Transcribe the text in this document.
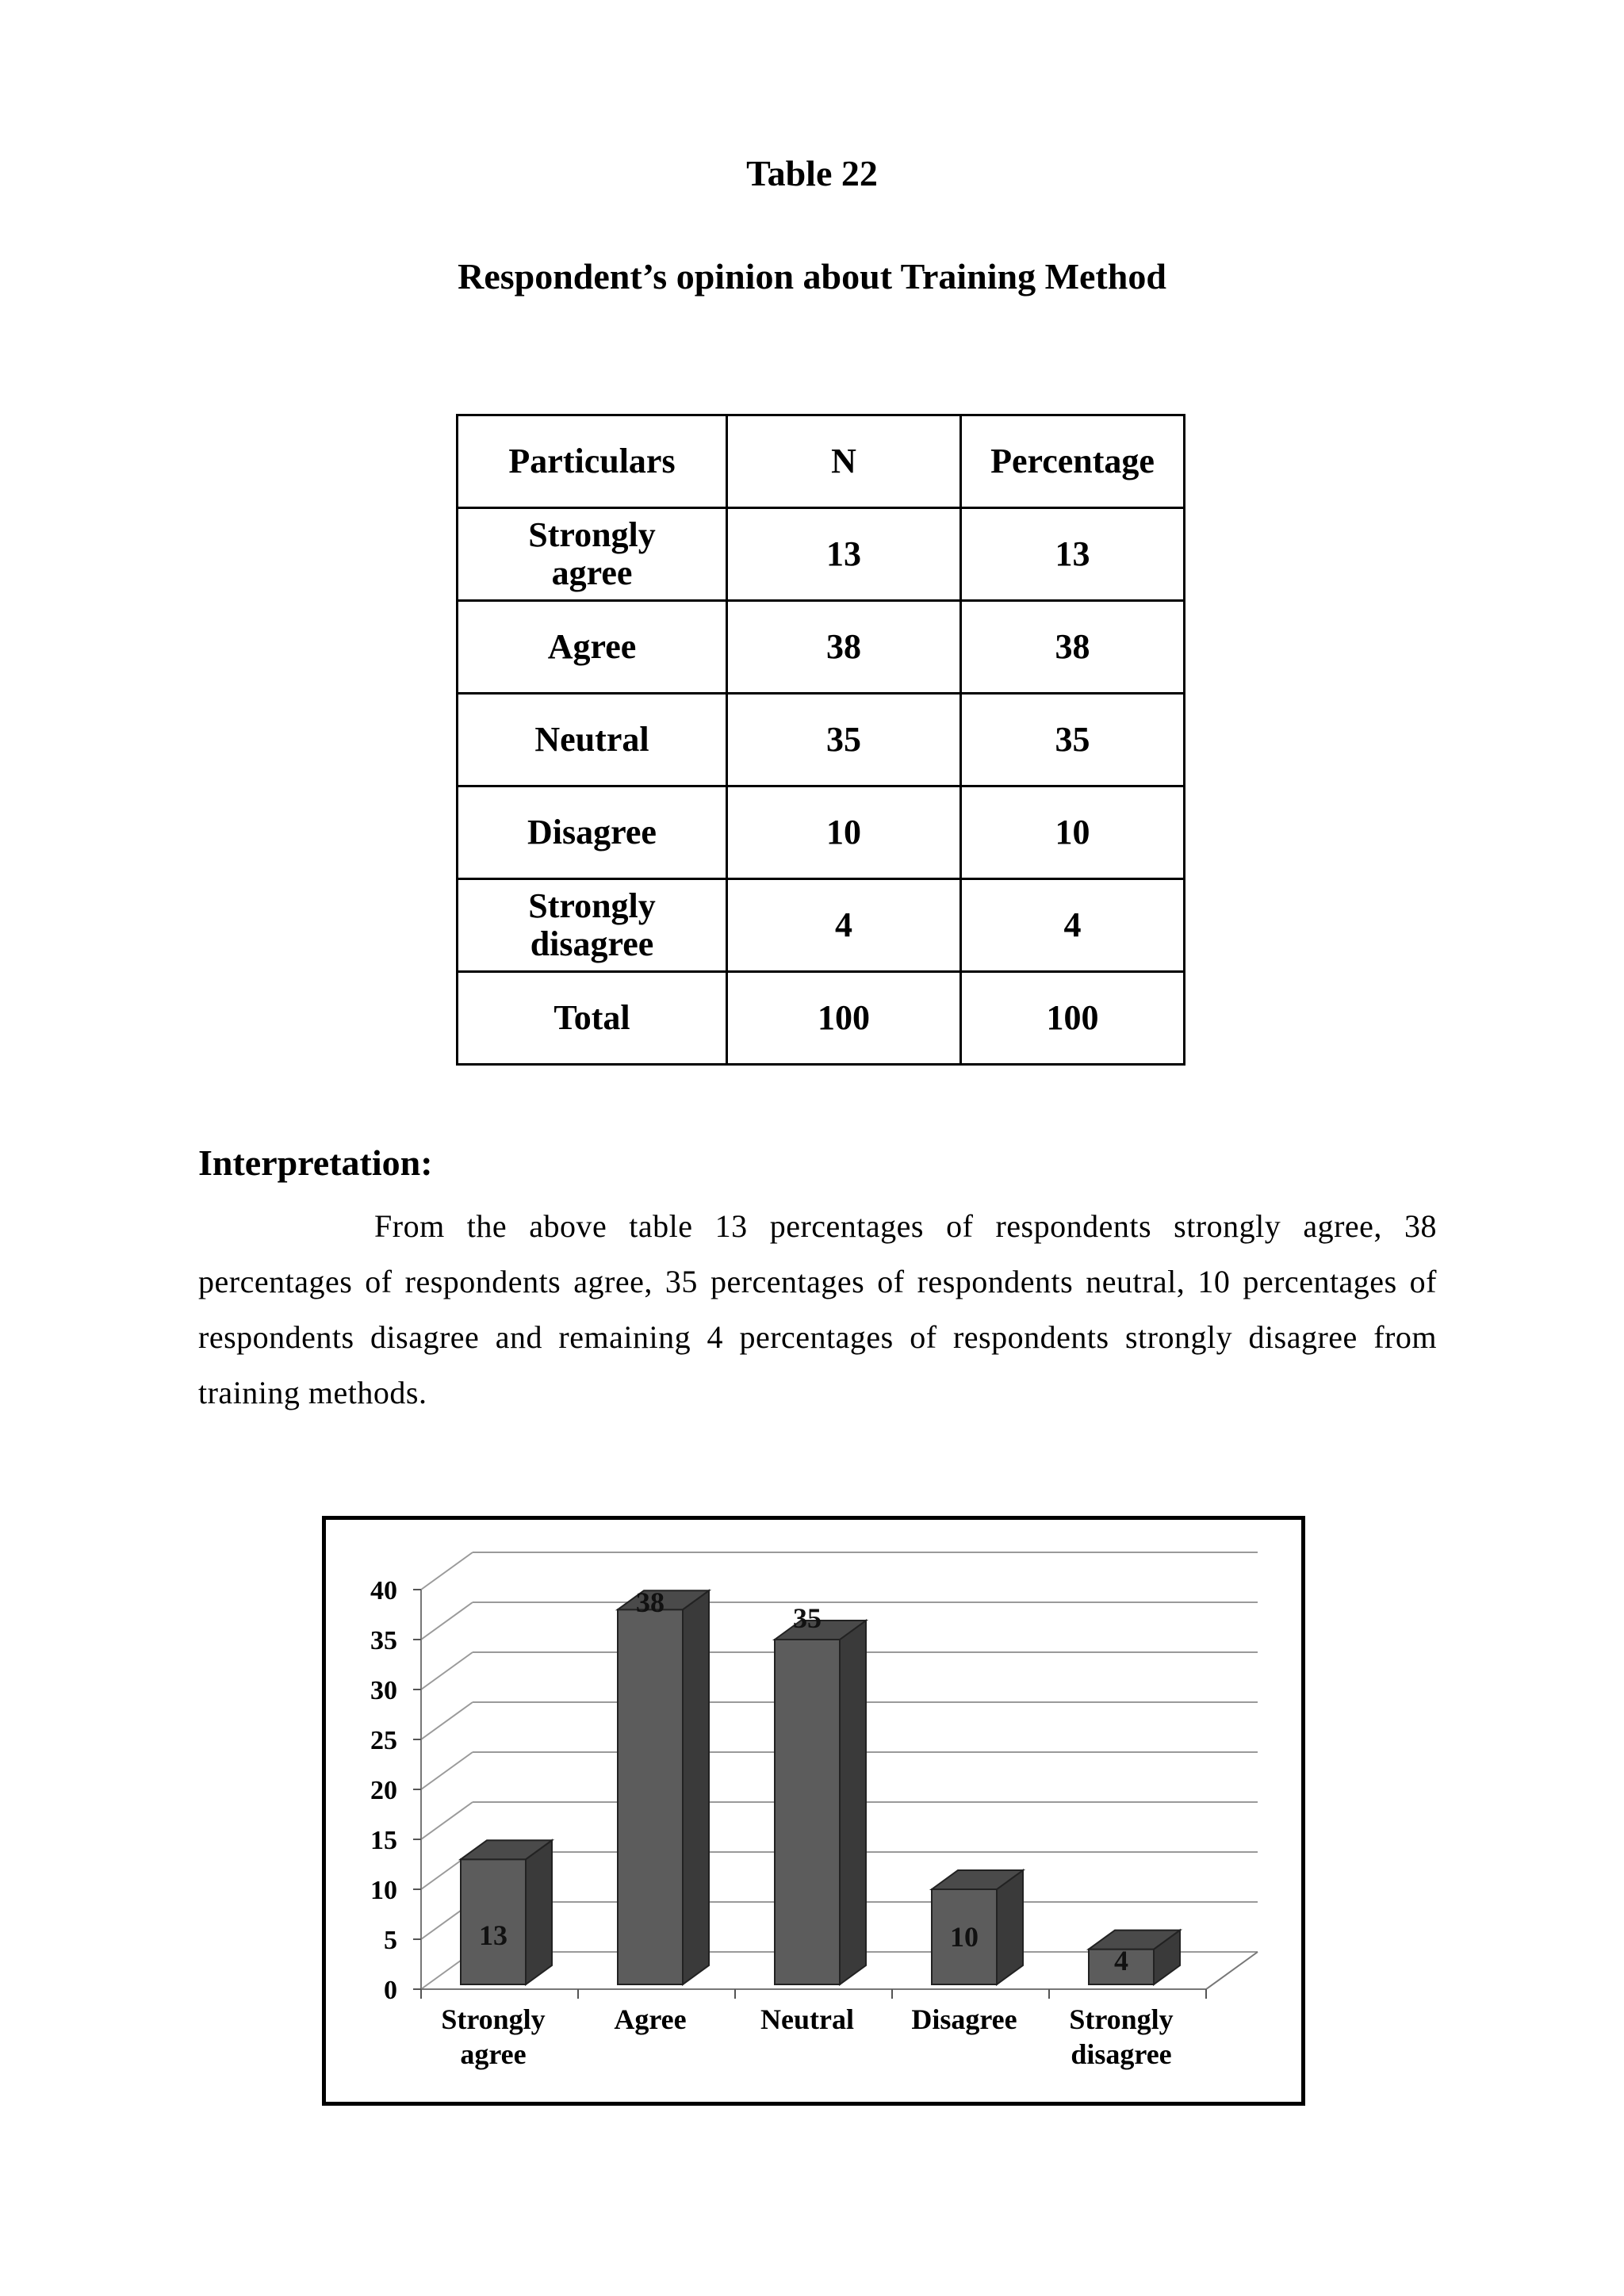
Table 22
Respondent’s opinion about Training Method
Particulars	N	Percentage
Strongly
agree	13	13
Agree	38	38
Neutral	35	35
Disagree	10	10
Strongly
disagree	4	4
Total	100	100
Interpretation:
From the above table 13 percentages of respondents strongly agree, 38 percentages of respondents agree, 35 percentages of respondents neutral, 10 percentages of respondents disagree and remaining 4 percentages of respondents strongly disagree from training methods.
0
5
10
15
20
25
30
35
40
13
Strongly agree
38
Agree
35
Neutral
10
Disagree
4
Strongly disagree
